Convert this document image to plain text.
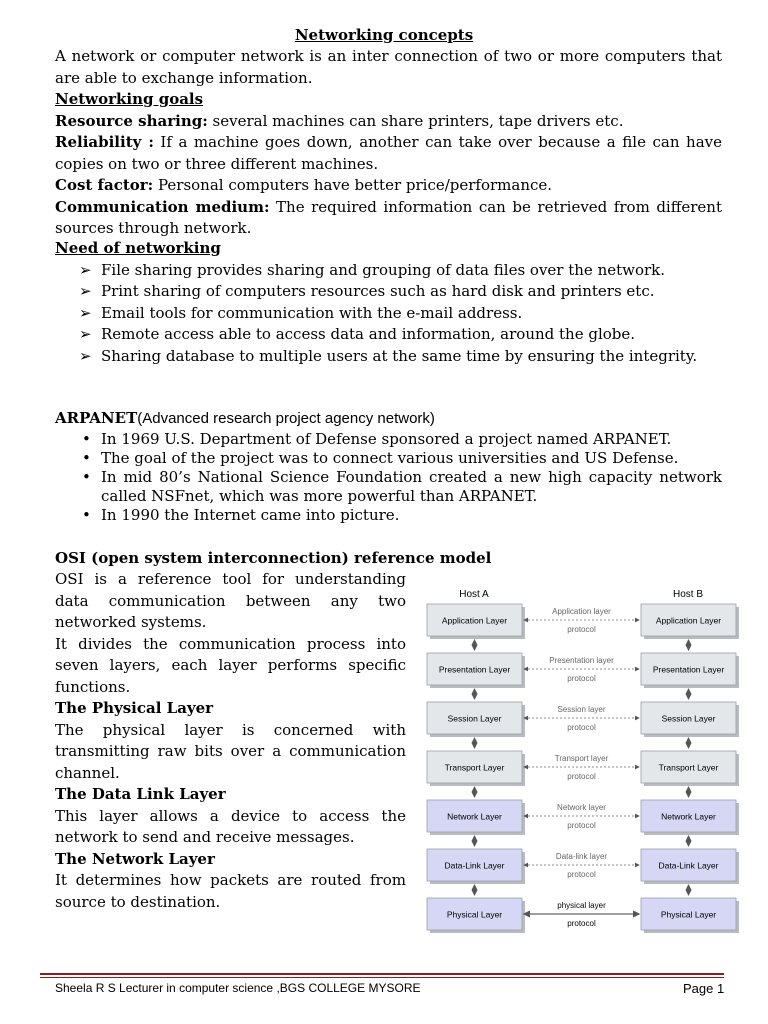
Networking concepts
A network or computer network is an inter connection of two or more computers that are able to exchange information.
Networking goals
Resource sharing: several machines can share printers, tape drivers etc.
Reliability : If a machine goes down, another can take over because a file can have copies on two or three different machines.
Cost factor: Personal computers have better price/performance.
Communication medium: The required information can be retrieved from different sources through network.
Need of networking
➢ File sharing provides sharing and grouping of data files over the network.
➢ Print sharing of computers resources such as hard disk and printers etc.
➢ Email tools for communication with the e-mail address.
➢ Remote access able to access data and information, around the globe.
➢ Sharing database to multiple users at the same time by ensuring the integrity.
ARPANET(Advanced research project agency network)
• In 1969 U.S. Department of Defense sponsored a project named ARPANET.
• The goal of the project was to connect various universities and US Defense.
• In mid 80’s National Science Foundation created a new high capacity network called NSFnet, which was more powerful than ARPANET.
• In 1990 the Internet came into picture.
OSI (open system interconnection) reference model
OSI is a reference tool for understanding data communication between any two networked systems.
It divides the communication process into seven layers, each layer performs specific functions.
The Physical Layer
The physical layer is concerned with transmitting raw bits over a communication channel.
The Data Link Layer
This layer allows a device to access the network to send and receive messages.
The Network Layer
It determines how packets are routed from source to destination.
Host A	Host B
Application Layer	Application Layer
Application layer
protocol
Presentation Layer	Presentation Layer
Presentation layer
protocol
Session Layer	Session Layer
Session layer
protocol
Transport Layer	Transport Layer
Transport layer
protocol
Network Layer	Network Layer
Network layer
protocol
Data-Link Layer	Data-Link Layer
Data-link layer
protocol
Physical Layer	Physical Layer
physical layer
protocol
Sheela R S Lecturer in computer science ,BGS COLLEGE MYSORE	Page 1
